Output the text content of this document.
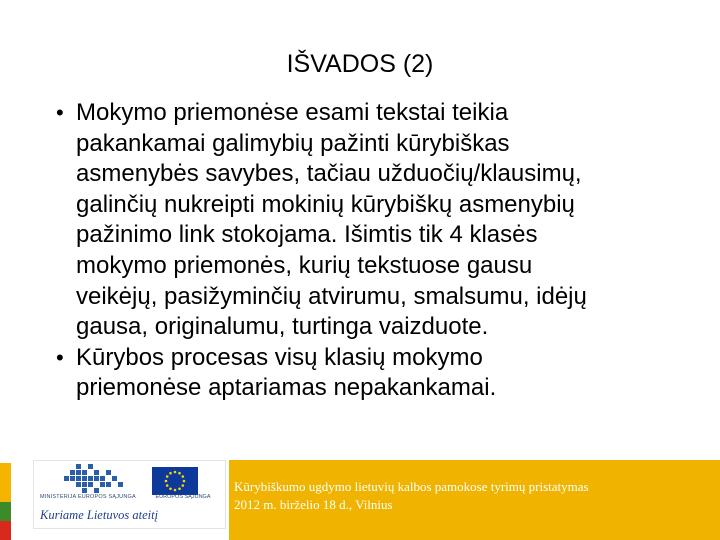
IŠVADOS (2)
• Mokymo priemonėse esami tekstai teikia
pakankamai galimybių pažinti kūrybiškas
asmenybės savybes, tačiau užduočių/klausimų,
galinčių nukreipti mokinių kūrybiškų asmenybių
pažinimo link stokojama. Išimtis tik 4 klasės
mokymo priemonės, kurių tekstuose gausu
veikėjų, pasižyminčių atvirumu, smalsumu, idėjų
gausa, originalumu, turtinga vaizduote.
• Kūrybos procesas visų klasių mokymo
priemonėse aptariamas nepakankamai.
MINISTERIJA EUROPOS SĄJUNGA	EUROPOS SĄJUNGA
Kuriame Lietuvos ateitį
Kūrybiškumo ugdymo lietuvių kalbos pamokose tyrimų pristatymas
2012 m. birželio 18 d., Vilnius
